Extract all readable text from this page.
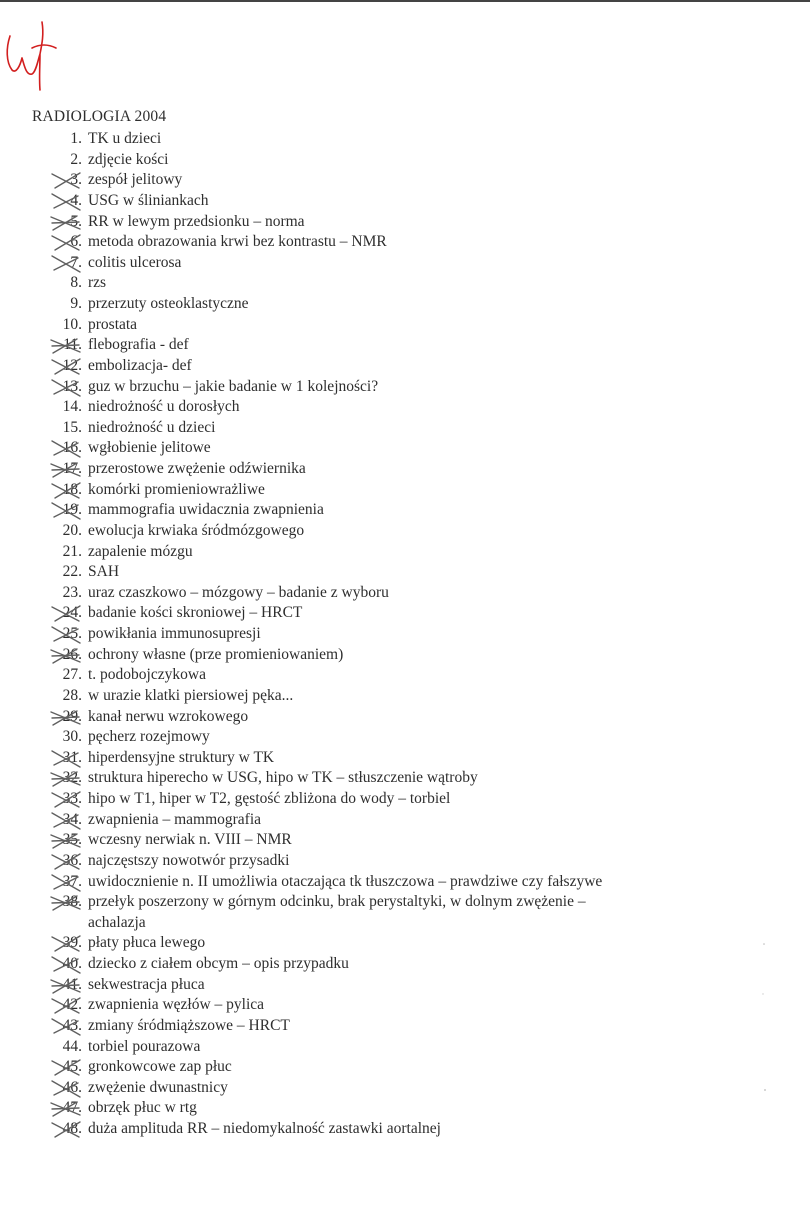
RADIOLOGIA 2004
1. TK u dzieci
2. zdjęcie kości
3. zespół jelitowy
4. USG w śliniankach
5. RR w lewym przedsionku – norma
6. metoda obrazowania krwi bez kontrastu – NMR
7. colitis ulcerosa
8. rzs
9. przerzuty osteoklastyczne
10. prostata
11. flebografia - def
12. embolizacja- def
13. guz w brzuchu – jakie badanie w 1 kolejności?
14. niedrożność u dorosłych
15. niedrożność u dzieci
16. wgłobienie jelitowe
17. przerostowe zwężenie odźwiernika
18. komórki promieniowrażliwe
19. mammografia uwidacznia zwapnienia
20. ewolucja krwiaka śródmózgowego
21. zapalenie mózgu
22. SAH
23. uraz czaszkowo – mózgowy – badanie z wyboru
24. badanie kości skroniowej – HRCT
25. powikłania immunosupresji
26. ochrony własne (prze promieniowaniem)
27. t. podobojczykowa
28. w urazie klatki piersiowej pęka...
29. kanał nerwu wzrokowego
30. pęcherz rozejmowy
31. hiperdensyjne struktury w TK
32. struktura hiperecho w USG, hipo w TK – stłuszczenie wątroby
33. hipo w T1, hiper w T2, gęstość zbliżona do wody – torbiel
34. zwapnienia – mammografia
35. wczesny nerwiak n. VIII – NMR
36. najczęstszy nowotwór przysadki
37. uwidocznienie n. II umożliwia otaczająca tk tłuszczowa – prawdziwe czy fałszywe
38. przełyk poszerzony w górnym odcinku, brak perystaltyki, w dolnym zwężenie –
achalazja
39. płaty płuca lewego
40. dziecko z ciałem obcym – opis przypadku
41. sekwestracja płuca
42. zwapnienia węzłów – pylica
43. zmiany śródmiąższowe – HRCT
44. torbiel pourazowa
45. gronkowcowe zap płuc
46. zwężenie dwunastnicy
47. obrzęk płuc w rtg
48. duża amplituda RR – niedomykalność zastawki aortalnej
